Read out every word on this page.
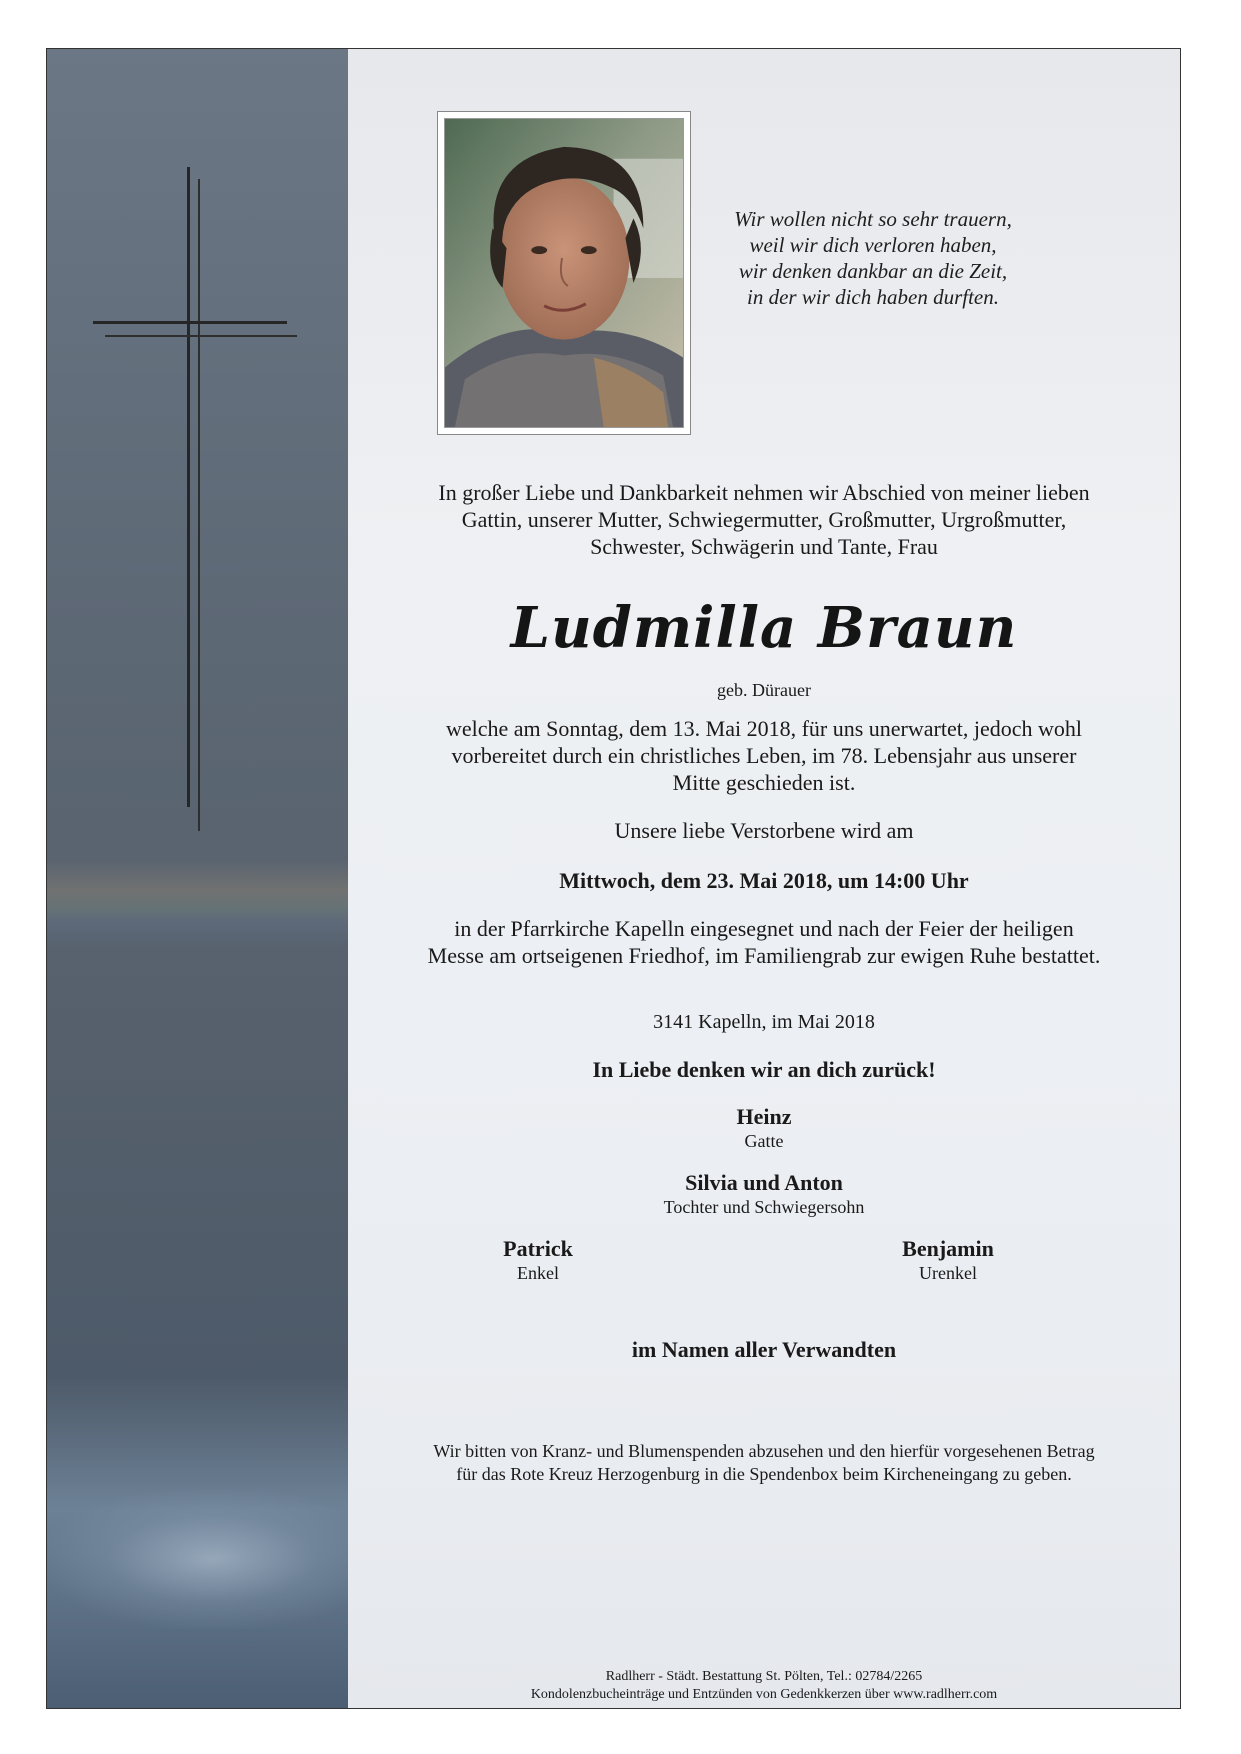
Wir wollen nicht so sehr trauern,
weil wir dich verloren haben,
wir denken dankbar an die Zeit,
in der wir dich haben durften.
In großer Liebe und Dankbarkeit nehmen wir Abschied von meiner lieben
Gattin, unserer Mutter, Schwiegermutter, Großmutter, Urgroßmutter,
Schwester, Schwägerin und Tante, Frau
Ludmilla Braun
geb. Dürauer
welche am Sonntag, dem 13. Mai 2018, für uns unerwartet, jedoch wohl
vorbereitet durch ein christliches Leben, im 78. Lebensjahr aus unserer
Mitte geschieden ist.
Unsere liebe Verstorbene wird am
Mittwoch, dem 23. Mai 2018, um 14:00 Uhr
in der Pfarrkirche Kapelln eingesegnet und nach der Feier der heiligen
Messe am ortseigenen Friedhof, im Familiengrab zur ewigen Ruhe bestattet.
3141 Kapelln, im Mai 2018
In Liebe denken wir an dich zurück!
Heinz
Gatte
Silvia und Anton
Tochter und Schwiegersohn
Patrick
Enkel
Benjamin
Urenkel
im Namen aller Verwandten
Wir bitten von Kranz- und Blumenspenden abzusehen und den hierfür vorgesehenen Betrag
für das Rote Kreuz Herzogenburg in die Spendenbox beim Kircheneingang zu geben.
Radlherr - Städt. Bestattung St. Pölten, Tel.: 02784/2265
Kondolenzbucheinträge und Entzünden von Gedenkkerzen über www.radlherr.com
